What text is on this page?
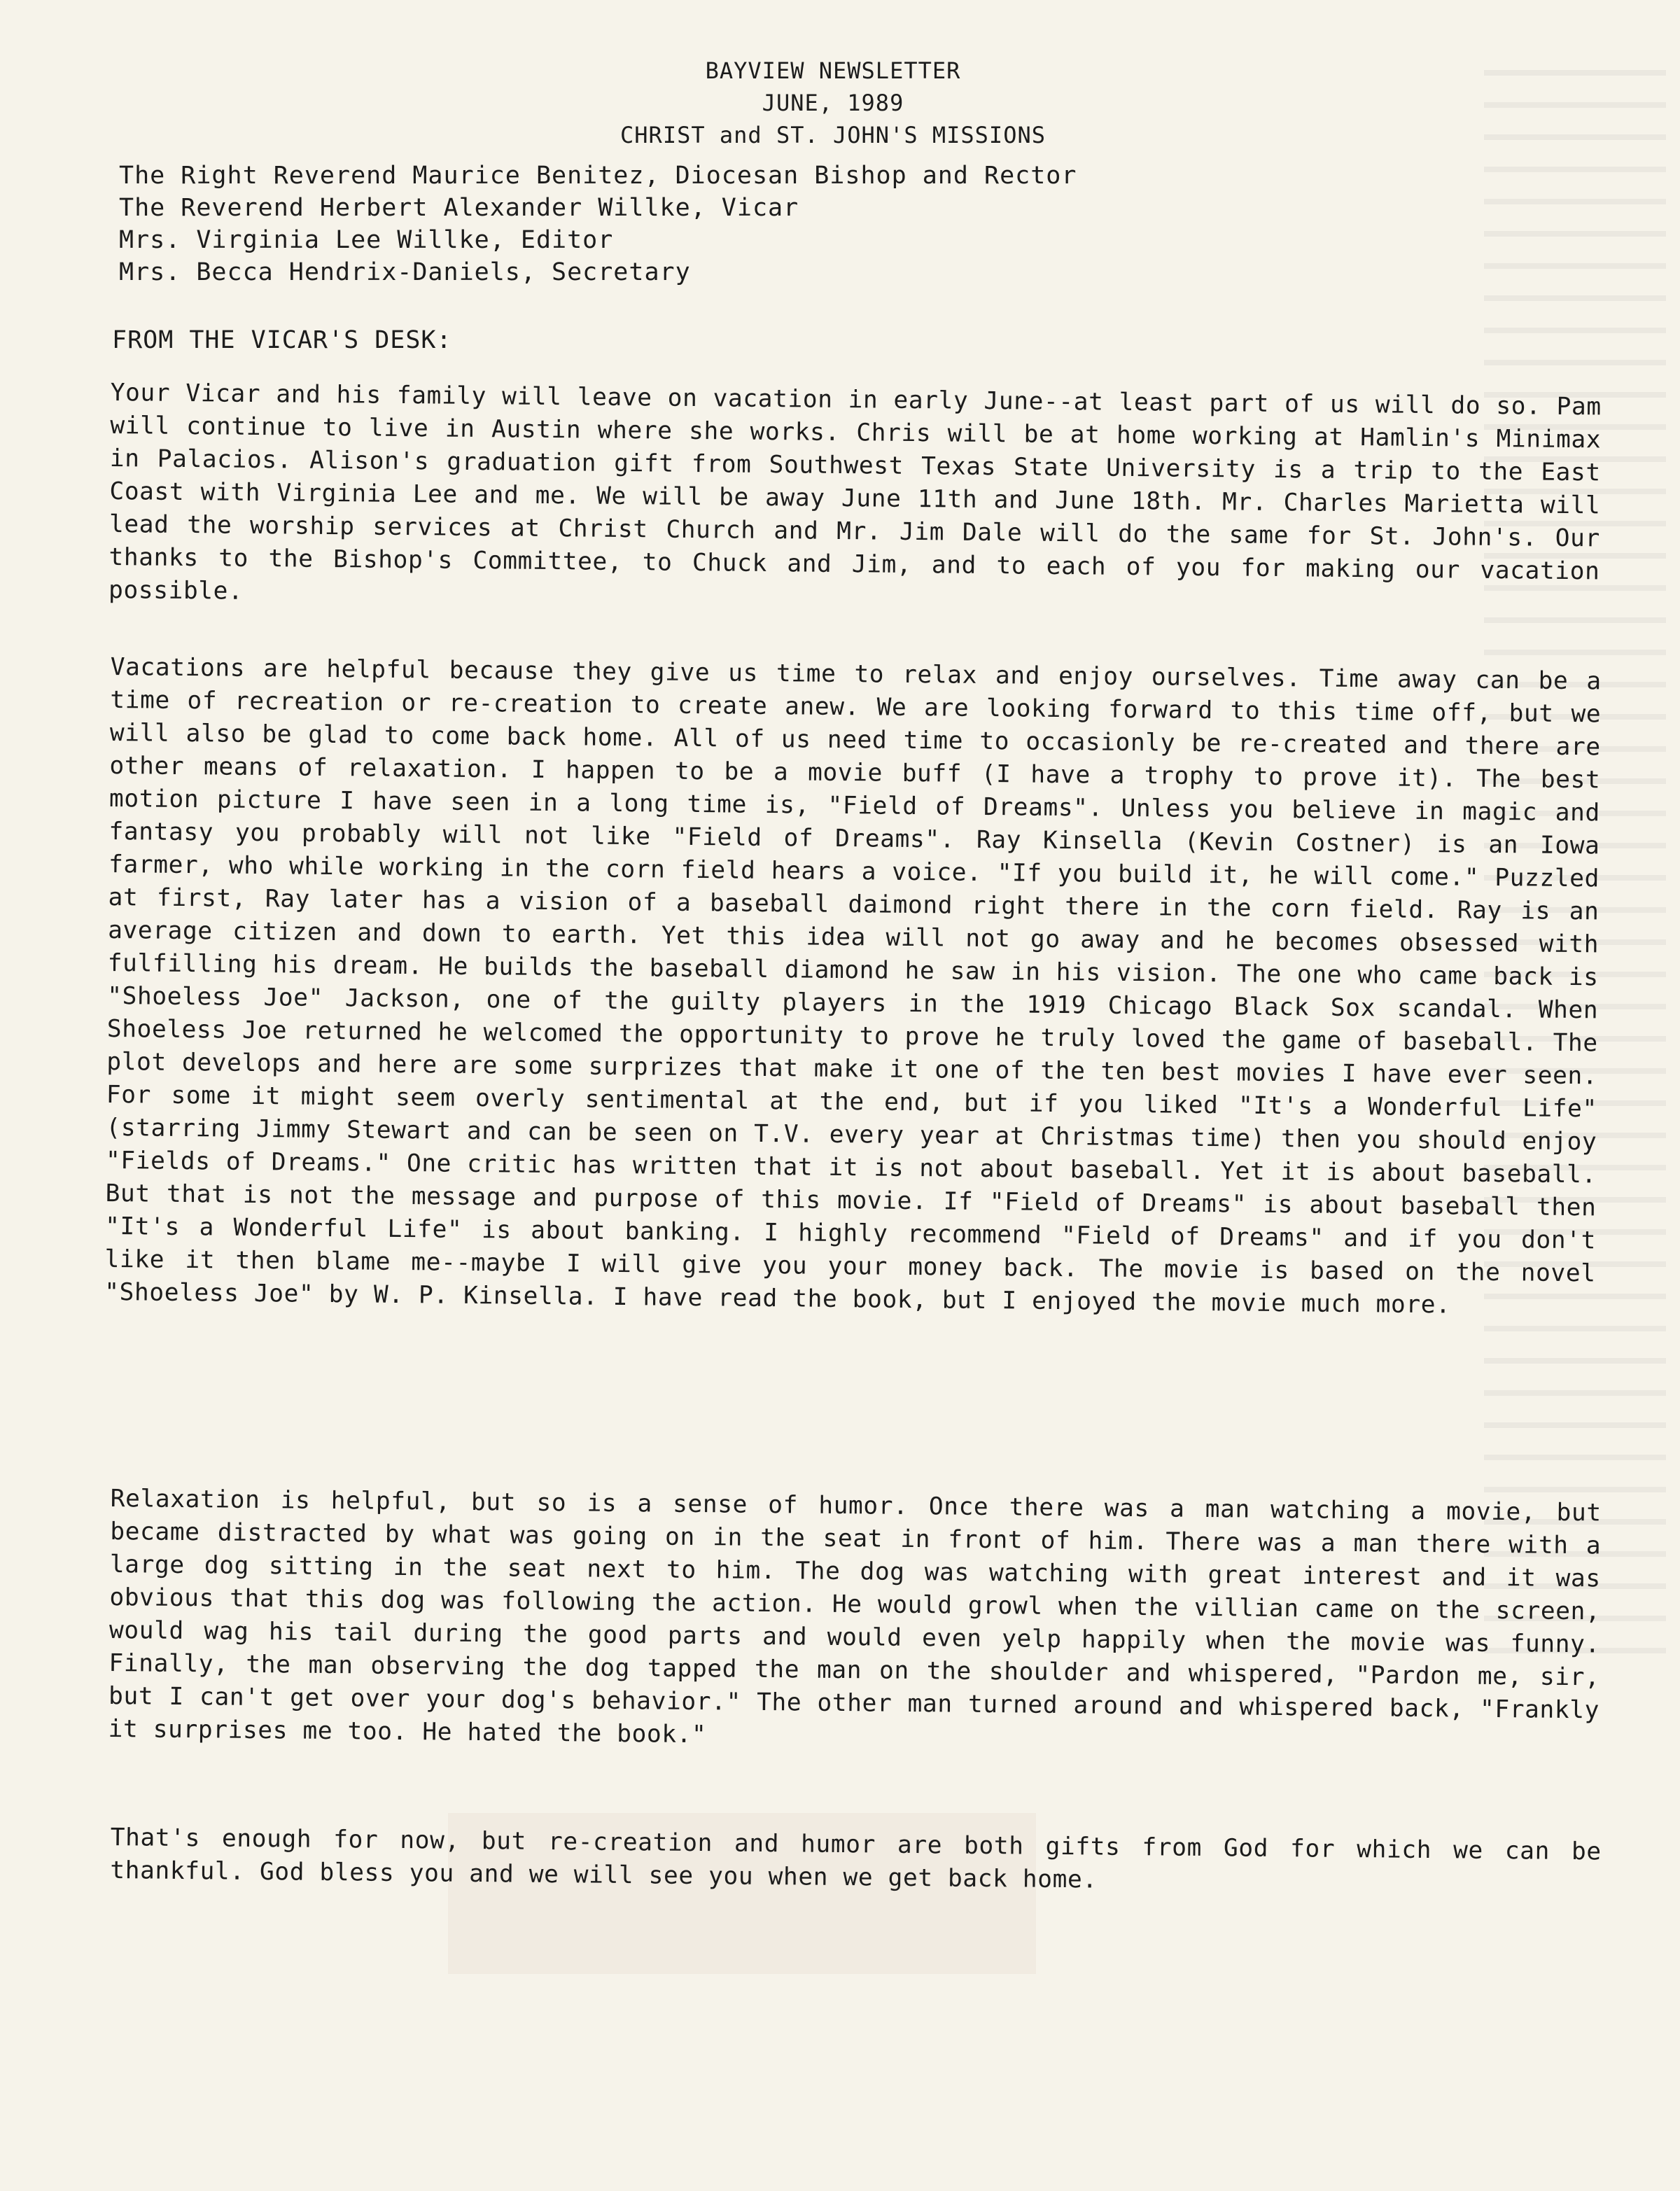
BAYVIEW NEWSLETTER
JUNE, 1989
CHRIST and ST. JOHN'S MISSIONS
The Right Reverend Maurice Benitez, Diocesan Bishop and Rector
The Reverend Herbert Alexander Willke, Vicar
Mrs. Virginia Lee Willke, Editor
Mrs. Becca Hendrix-Daniels, Secretary
FROM THE VICAR'S DESK:
Your Vicar and his family will leave on vacation in early June--at least part of us will do so. Pam will continue to live in Austin where she works. Chris will be at home working at Hamlin's Minimax in Palacios. Alison's graduation gift from Southwest Texas State University is a trip to the East Coast with Virginia Lee and me. We will be away June 11th and June 18th. Mr. Charles Marietta will lead the worship services at Christ Church and Mr. Jim Dale will do the same for St. John's. Our thanks to the Bishop's Committee, to Chuck and Jim, and to each of you for making our vacation possible.
Vacations are helpful because they give us time to relax and enjoy ourselves. Time away can be a time of recreation or re-creation to create anew. We are looking forward to this time off, but we will also be glad to come back home. All of us need time to occasionly be re-created and there are other means of relaxation. I happen to be a movie buff (I have a trophy to prove it). The best motion picture I have seen in a long time is, "Field of Dreams". Unless you believe in magic and fantasy you probably will not like "Field of Dreams". Ray Kinsella (Kevin Costner) is an Iowa farmer, who while working in the corn field hears a voice. "If you build it, he will come." Puzzled at first, Ray later has a vision of a baseball daimond right there in the corn field. Ray is an average citizen and down to earth. Yet this idea will not go away and he becomes obsessed with fulfilling his dream. He builds the baseball diamond he saw in his vision. The one who came back is "Shoeless Joe" Jackson, one of the guilty players in the 1919 Chicago Black Sox scandal. When Shoeless Joe returned he welcomed the opportunity to prove he truly loved the game of baseball. The plot develops and here are some surprizes that make it one of the ten best movies I have ever seen. For some it might seem overly sentimental at the end, but if you liked "It's a Wonderful Life" (starring Jimmy Stewart and can be seen on T.V. every year at Christmas time) then you should enjoy "Fields of Dreams." One critic has written that it is not about baseball. Yet it is about baseball. But that is not the message and purpose of this movie. If "Field of Dreams" is about baseball then "It's a Wonderful Life" is about banking. I highly recommend "Field of Dreams" and if you don't like it then blame me--maybe I will give you your money back. The movie is based on the novel "Shoeless Joe" by W. P. Kinsella. I have read the book, but I enjoyed the movie much more.
Relaxation is helpful, but so is a sense of humor. Once there was a man watching a movie, but became distracted by what was going on in the seat in front of him. There was a man there with a large dog sitting in the seat next to him. The dog was watching with great interest and it was obvious that this dog was following the action. He would growl when the villian came on the screen, would wag his tail during the good parts and would even yelp happily when the movie was funny. Finally, the man observing the dog tapped the man on the shoulder and whispered, "Pardon me, sir, but I can't get over your dog's behavior." The other man turned around and whispered back, "Frankly it surprises me too. He hated the book."
That's enough for now, but re-creation and humor are both gifts from God for which we can be thankful. God bless you and we will see you when we get back home.
